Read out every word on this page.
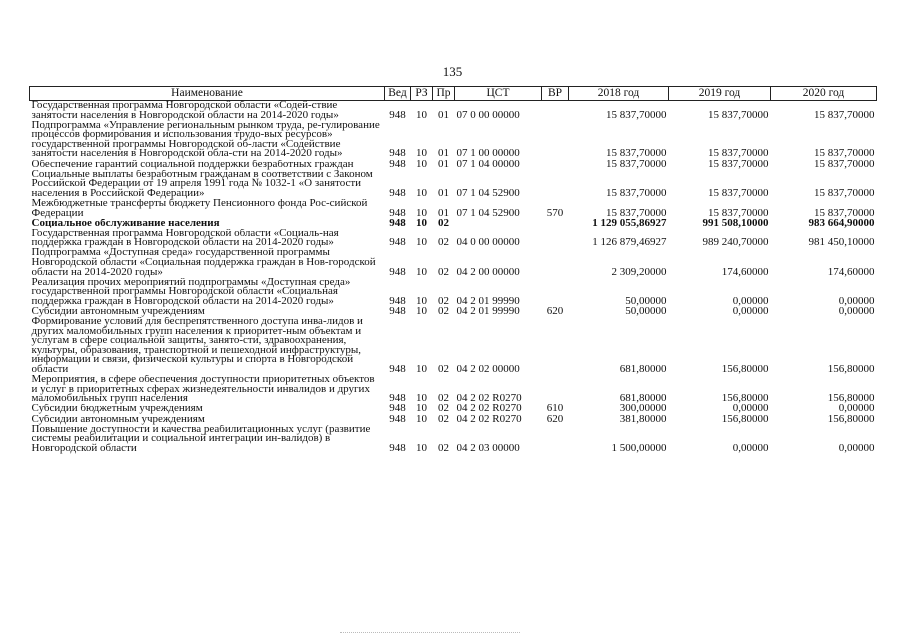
135
Наименование	Вед	РЗ	Пр	ЦСТ	ВР	2018 год	2019 год	2020 год
Государственная программа Новгородской области «Содей-ствие занятости населения в Новгородской области на 2014-2020 годы»	948	10	01	07 0 00 00000		15 837,70000	15 837,70000	15 837,70000
Подпрограмма «Управление региональным рынком труда, ре-гулирование процессов формирования и использования трудо-вых ресурсов» государственной программы Новгородской об-ласти «Содействие занятости населения в Новгородской обла-сти на 2014-2020 годы»	948	10	01	07 1 00 00000		15 837,70000	15 837,70000	15 837,70000
Обеспечение гарантий социальной поддержки безработных граждан	948	10	01	07 1 04 00000		15 837,70000	15 837,70000	15 837,70000
Социальные выплаты безработным гражданам в соответствии с Законом Российской Федерации от 19 апреля 1991 года № 1032-1 «О занятости населения в Российской Федерации»	948	10	01	07 1 04 52900		15 837,70000	15 837,70000	15 837,70000
Межбюджетные трансферты бюджету Пенсионного фонда Рос-сийской Федерации	948	10	01	07 1 04 52900	570	15 837,70000	15 837,70000	15 837,70000
Социальное обслуживание населения	948	10	02			1 129 055,86927	991 508,10000	983 664,90000
Государственная программа Новгородской области «Социаль-ная поддержка граждан в Новгородской области на 2014-2020 годы»	948	10	02	04 0 00 00000		1 126 879,46927	989 240,70000	981 450,10000
Подпрограмма «Доступная среда» государственной программы Новгородской области «Социальная поддержка граждан в Нов-городской области на 2014-2020 годы»	948	10	02	04 2 00 00000		2 309,20000	174,60000	174,60000
Реализация прочих мероприятий подпрограммы «Доступная среда» государственной программы Новгородской области «Социальная поддержка граждан в Новгородской области на 2014-2020 годы»	948	10	02	04 2 01 99990		50,00000	0,00000	0,00000
Субсидии автономным учреждениям	948	10	02	04 2 01 99990	620	50,00000	0,00000	0,00000
Формирование условий для беспрепятственного доступа инва-лидов и других маломобильных групп населения к приоритет-ным объектам и услугам в сфере социальной защиты, занято-сти, здравоохранения, культуры, образования, транспортной и пешеходной инфраструктуры, информации и связи, физической культуры и спорта в Новгородской области	948	10	02	04 2 02 00000		681,80000	156,80000	156,80000
Мероприятия, в сфере обеспечения доступности приоритетных объектов и услуг в приоритетных сферах жизнедеятельности инвалидов и других маломобильных групп населения	948	10	02	04 2 02 R0270		681,80000	156,80000	156,80000
Субсидии бюджетным учреждениям	948	10	02	04 2 02 R0270	610	300,00000	0,00000	0,00000
Субсидии автономным учреждениям	948	10	02	04 2 02 R0270	620	381,80000	156,80000	156,80000
Повышение доступности и качества реабилитационных услуг (развитие системы реабилитации и социальной интеграции ин-валидов) в Новгородской области	948	10	02	04 2 03 00000		1 500,00000	0,00000	0,00000
